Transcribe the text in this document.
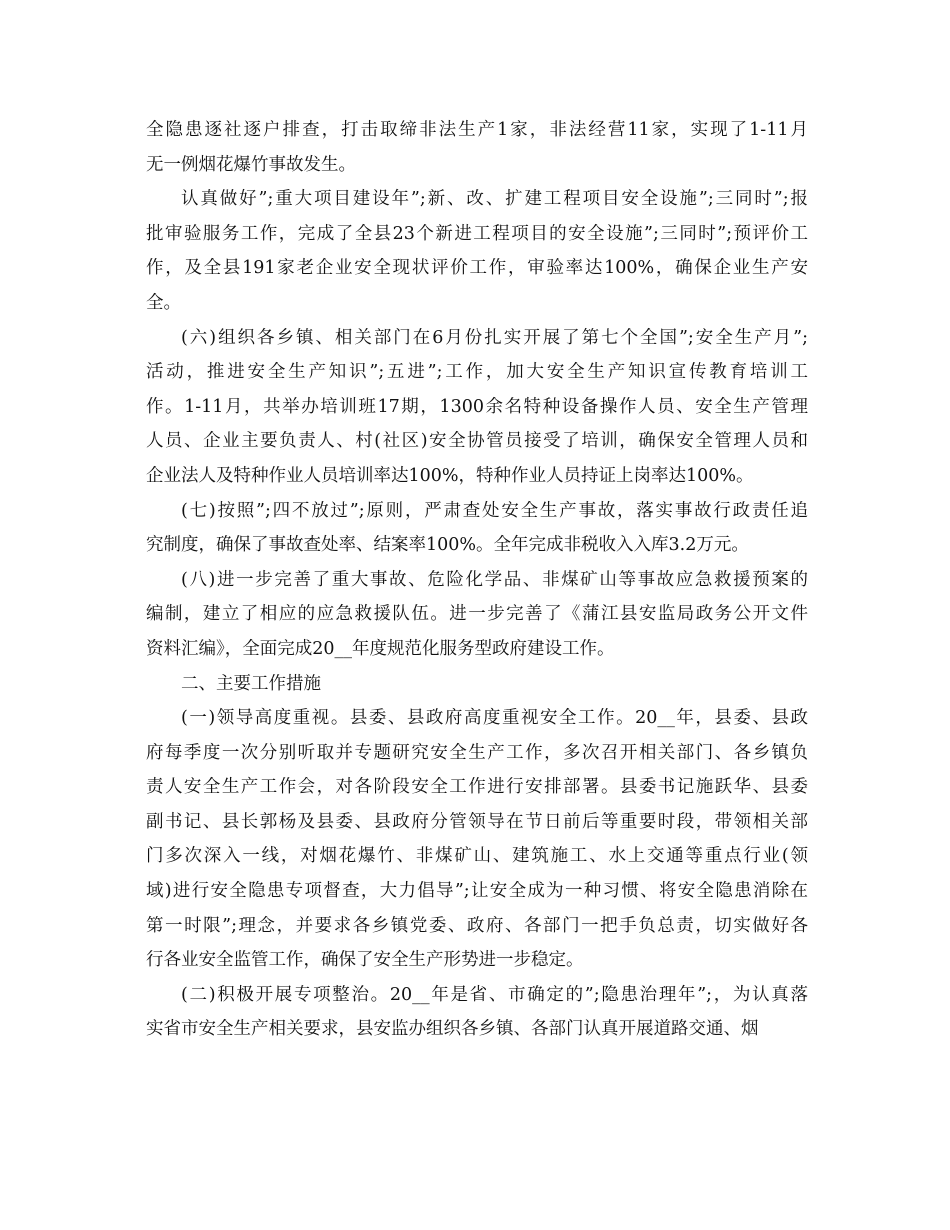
全隐患逐社逐户排查，打击取缔非法生产1家，非法经营11家，实现了1-11月
无一例烟花爆竹事故发生。
认真做好”;重大项目建设年”;新、改、扩建工程项目安全设施”;三同时”;报
批审验服务工作，完成了全县23个新进工程项目的安全设施”;三同时”;预评价工
作，及全县191家老企业安全现状评价工作，审验率达100%，确保企业生产安
全。
(六)组织各乡镇、相关部门在6月份扎实开展了第七个全国”;安全生产月”;
活动，推进安全生产知识”;五进”;工作，加大安全生产知识宣传教育培训工
作。1-11月，共举办培训班17期，1300余名特种设备操作人员、安全生产管理
人员、企业主要负责人、村(社区)安全协管员接受了培训，确保安全管理人员和
企业法人及特种作业人员培训率达100%，特种作业人员持证上岗率达100%。
(七)按照”;四不放过”;原则，严肃查处安全生产事故，落实事故行政责任追
究制度，确保了事故查处率、结案率100%。全年完成非税收入入库3.2万元。
(八)进一步完善了重大事故、危险化学品、非煤矿山等事故应急救援预案的
编制，建立了相应的应急救援队伍。进一步完善了《蒲江县安监局政务公开文件
资料汇编》，全面完成20__年度规范化服务型政府建设工作。
二、主要工作措施
(一)领导高度重视。县委、县政府高度重视安全工作。20__年，县委、县政
府每季度一次分别听取并专题研究安全生产工作，多次召开相关部门、各乡镇负
责人安全生产工作会，对各阶段安全工作进行安排部署。县委书记施跃华、县委
副书记、县长郭杨及县委、县政府分管领导在节日前后等重要时段，带领相关部
门多次深入一线，对烟花爆竹、非煤矿山、建筑施工、水上交通等重点行业(领
域)进行安全隐患专项督查，大力倡导”;让安全成为一种习惯、将安全隐患消除在
第一时限”;理念，并要求各乡镇党委、政府、各部门一把手负总责，切实做好各
行各业安全监管工作，确保了安全生产形势进一步稳定。
(二)积极开展专项整治。20__年是省、市确定的”;隐患治理年”;，为认真落
实省市安全生产相关要求，县安监办组织各乡镇、各部门认真开展道路交通、烟
